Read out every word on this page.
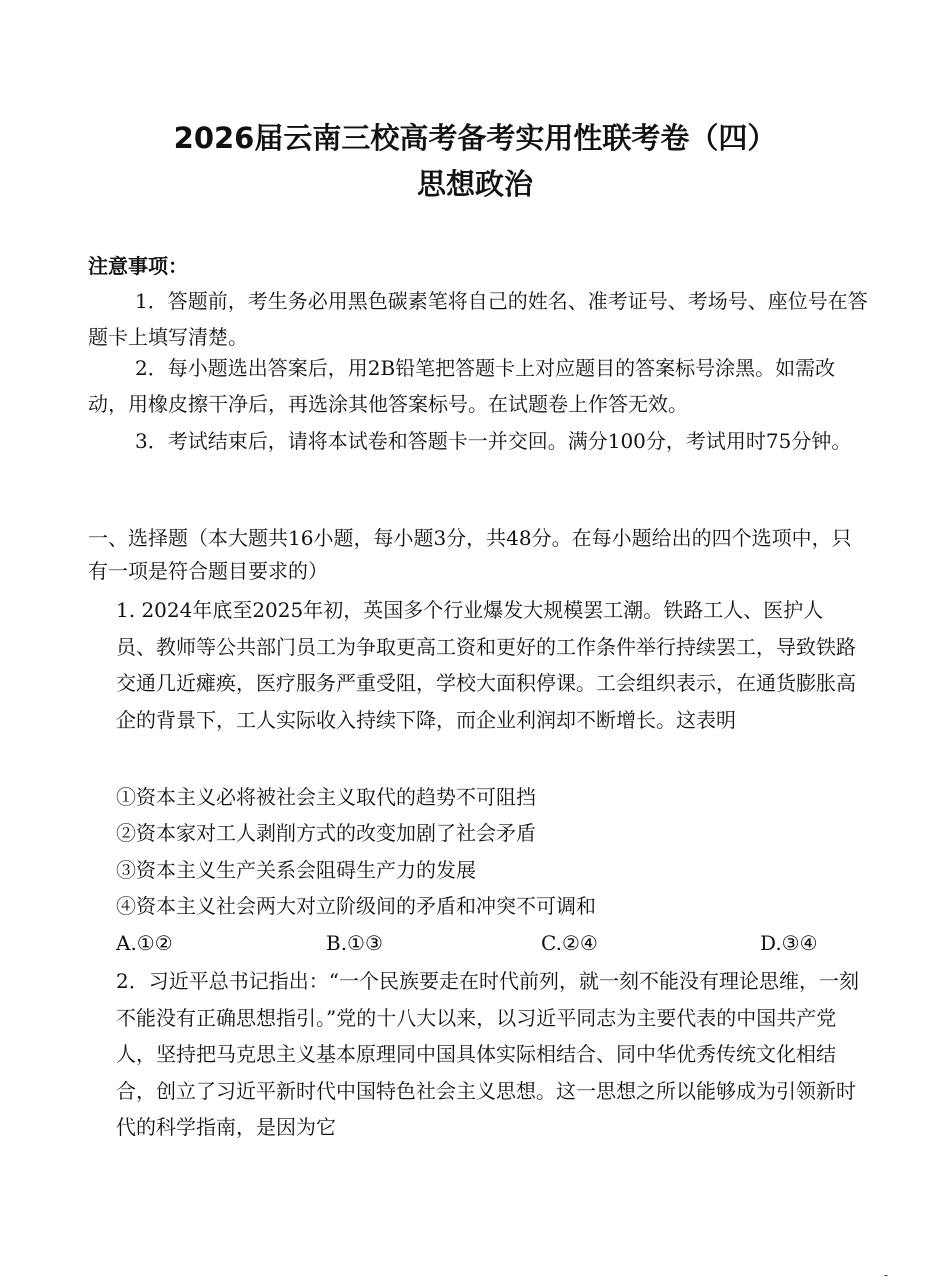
2026届云南三校高考备考实用性联考卷（四）
思想政治

注意事项：

1．答题前，考生务必用黑色碳素笔将自己的姓名、准考证号、考场号、座位号在答题卡上填写清楚。

2．每小题选出答案后，用2B铅笔把答题卡上对应题目的答案标号涂黑。如需改动，用橡皮擦干净后，再选涂其他答案标号。在试题卷上作答无效。

3．考试结束后，请将本试卷和答题卡一并交回。满分100分，考试用时75分钟。

一、选择题（本大题共16小题，每小题3分，共48分。在每小题给出的四个选项中，只有一项是符合题目要求的）

1. 2024年底至2025年初，英国多个行业爆发大规模罢工潮。铁路工人、医护人员、教师等公共部门员工为争取更高工资和更好的工作条件举行持续罢工，导致铁路交通几近瘫痪，医疗服务严重受阻，学校大面积停课。工会组织表示，在通货膨胀高企的背景下，工人实际收入持续下降，而企业利润却不断增长。这表明

①资本主义必将被社会主义取代的趋势不可阻挡

②资本家对工人剥削方式的改变加剧了社会矛盾

③资本主义生产关系会阻碍生产力的发展

④资本主义社会两大对立阶级间的矛盾和冲突不可调和

A.①②	B.①③	C.②④	D.③④

2．习近平总书记指出：“一个民族要走在时代前列，就一刻不能没有理论思维，一刻不能没有正确思想指引。”党的十八大以来，以习近平同志为主要代表的中国共产党人，坚持把马克思主义基本原理同中国具体实际相结合、同中华优秀传统文化相结合，创立了习近平新时代中国特色社会主义思想。这一思想之所以能够成为引领新时代的科学指南，是因为它

-
